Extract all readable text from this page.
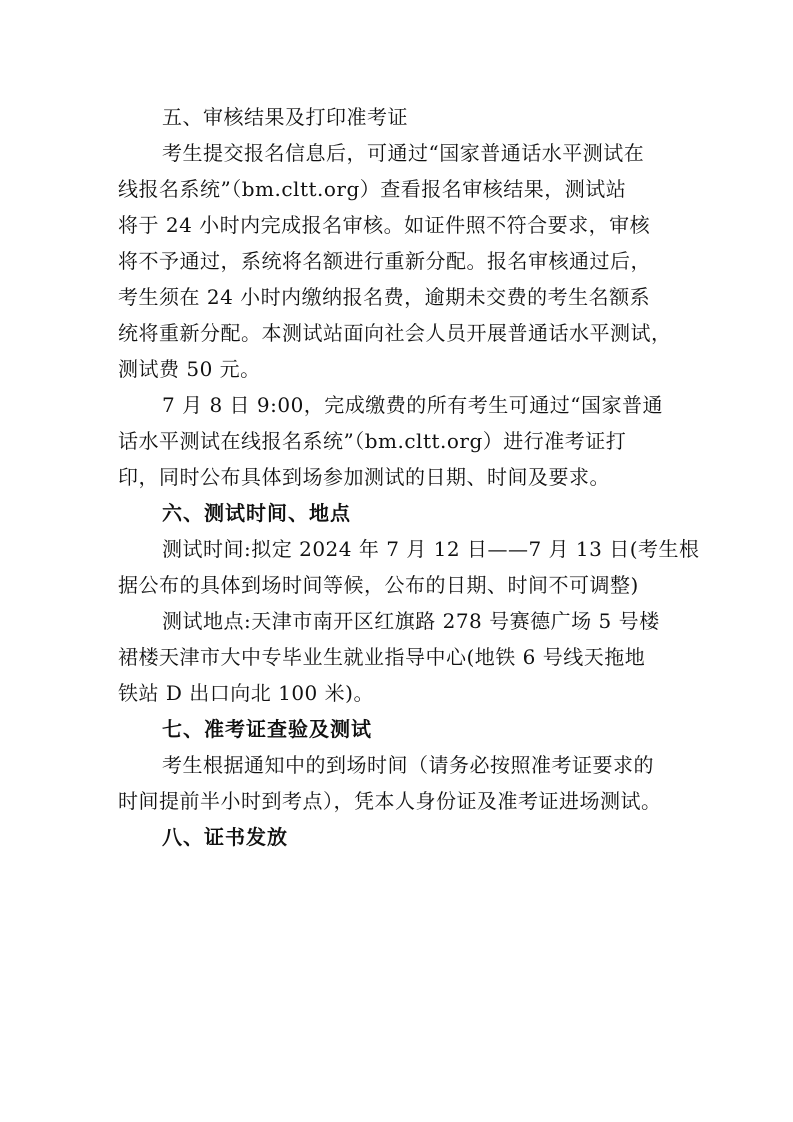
五、审核结果及打印准考证
考生提交报名信息后，可通过“国家普通话水平测试在
线报名系统”（bm.cltt.org）查看报名审核结果，测试站
将于 24 小时内完成报名审核。如证件照不符合要求，审核
将不予通过，系统将名额进行重新分配。报名审核通过后，
考生须在 24 小时内缴纳报名费，逾期未交费的考生名额系
统将重新分配。本测试站面向社会人员开展普通话水平测试，
测试费 50 元。
7 月 8 日 9:00，完成缴费的所有考生可通过“国家普通
话水平测试在线报名系统”（bm.cltt.org）进行准考证打
印，同时公布具体到场参加测试的日期、时间及要求。
六、测试时间、地点
测试时间:拟定 2024 年 7 月 12 日——7 月 13 日(考生根
据公布的具体到场时间等候，公布的日期、时间不可调整)
测试地点:天津市南开区红旗路 278 号赛德广场 5 号楼
裙楼天津市大中专毕业生就业指导中心(地铁 6 号线天拖地
铁站 D 出口向北 100 米)。
七、准考证查验及测试
考生根据通知中的到场时间（请务必按照准考证要求的
时间提前半小时到考点），凭本人身份证及准考证进场测试。
八、证书发放
